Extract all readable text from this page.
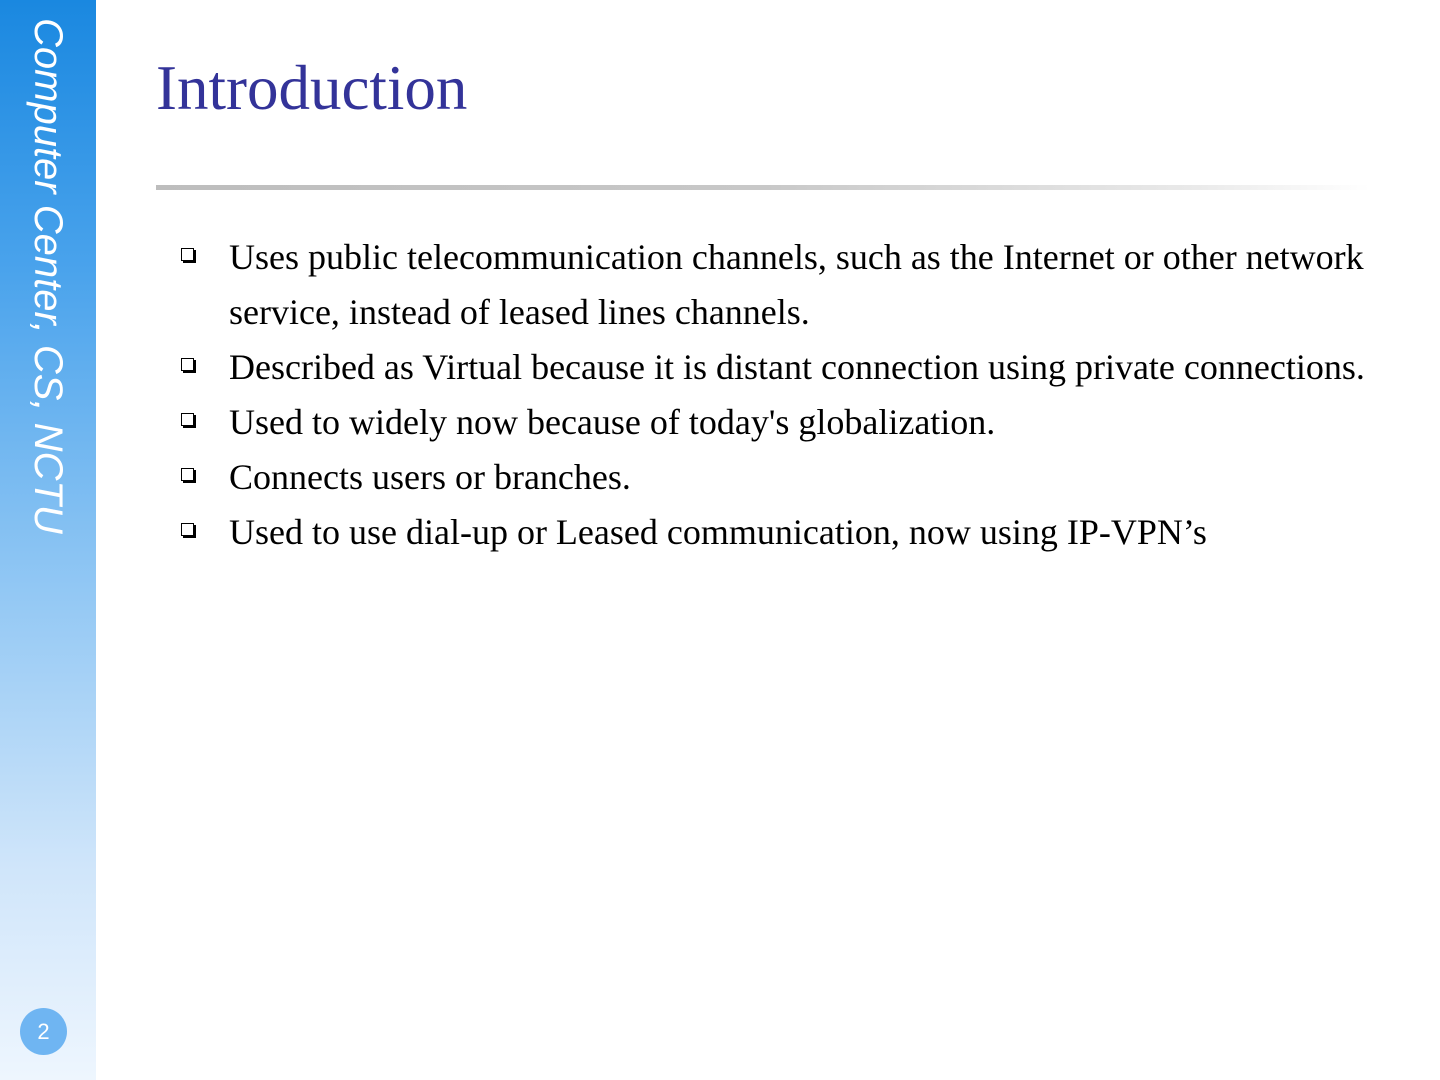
Computer Center, CS, NCTU
2
Introduction
Uses public telecommunication channels, such as the Internet or other network service, instead of leased lines channels.
Described as Virtual because it is distant connection using private connections.
Used to widely now because of today's globalization.
Connects users or branches.
Used to use dial-up or Leased communication, now using IP-VPN’s
